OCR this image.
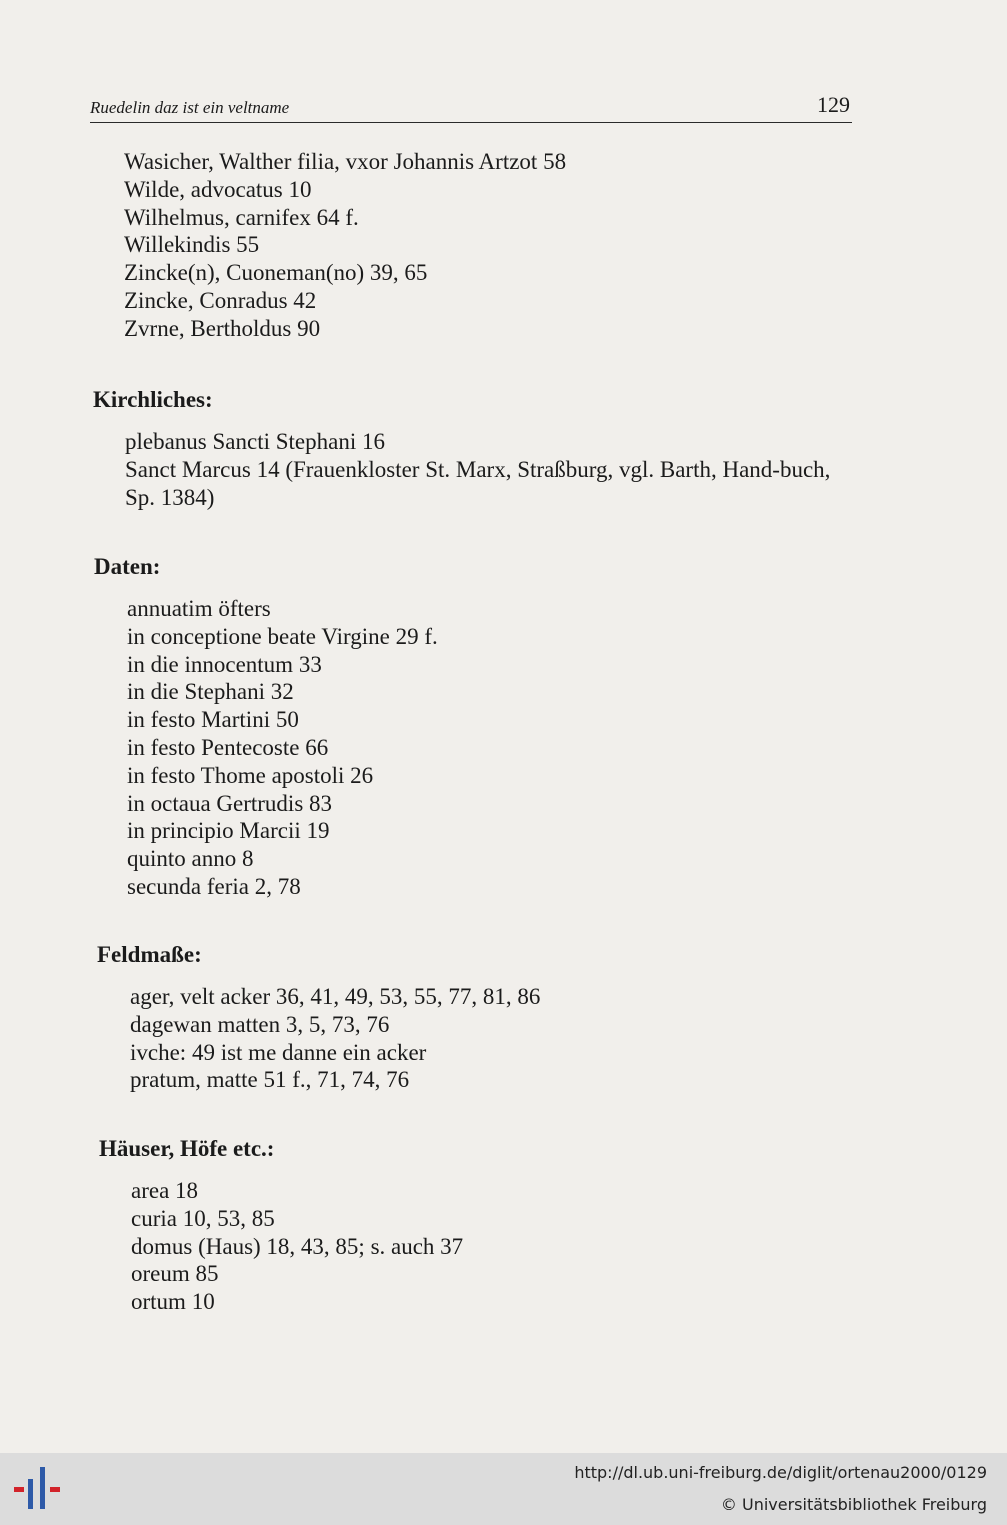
Ruedelin daz ist ein veltname	129
Wasicher, Walther filia, vxor Johannis Artzot 58
Wilde, advocatus 10
Wilhelmus, carnifex 64 f.
Willekindis 55
Zincke(n), Cuoneman(no) 39, 65
Zincke, Conradus 42
Zvrne, Bertholdus 90
Kirchliches:
plebanus Sancti Stephani 16
Sanct Marcus 14 (Frauenkloster St. Marx, Straßburg, vgl. Barth, Hand-buch, Sp. 1384)
Daten:
annuatim öfters
in conceptione beate Virgine 29 f.
in die innocentum 33
in die Stephani 32
in festo Martini 50
in festo Pentecoste 66
in festo Thome apostoli 26
in octaua Gertrudis 83
in principio Marcii 19
quinto anno 8
secunda feria 2, 78
Feldmaße:
ager, velt acker 36, 41, 49, 53, 55, 77, 81, 86
dagewan matten 3, 5, 73, 76
ivche: 49 ist me danne ein acker
pratum, matte 51 f., 71, 74, 76
Häuser, Höfe etc.:
area 18
curia 10, 53, 85
domus (Haus) 18, 43, 85; s. auch 37
oreum 85
ortum 10
http://dl.ub.uni-freiburg.de/diglit/ortenau2000/0129
© Universitätsbibliothek Freiburg
